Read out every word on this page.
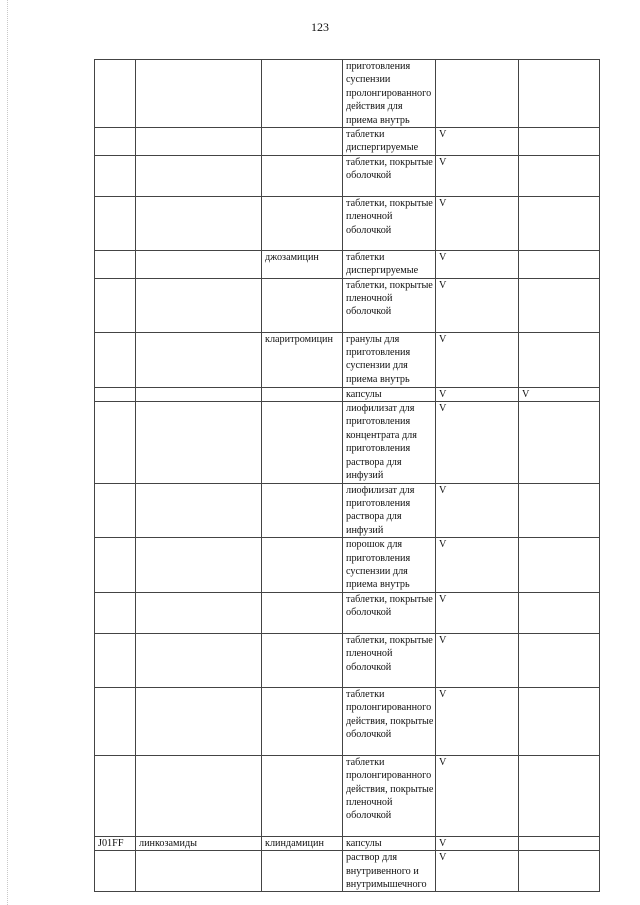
123
			приготовления суспензии пролонгированного действия для приема внутрь		
			таблетки диспергируемые	V	
			таблетки, покрытые оболочкой	V	
			таблетки, покрытые пленочной оболочкой	V	
		джозамицин	таблетки диспергируемые	V	
			таблетки, покрытые пленочной оболочкой	V	
		кларитромицин	гранулы для приготовления суспензии для приема внутрь	V	
			капсулы	V	V
			лиофилизат для приготовления концентрата для приготовления раствора для инфузий	V	
			лиофилизат для приготовления раствора для инфузий	V	
			порошок для приготовления суспензии для приема внутрь	V	
			таблетки, покрытые оболочкой	V	
			таблетки, покрытые пленочной оболочкой	V	
			таблетки пролонгированного действия, покрытые оболочкой	V	
			таблетки пролонгированного действия, покрытые пленочной оболочкой	V	
J01FF	линкозамиды	клиндамицин	капсулы	V	
			раствор для внутривенного и внутримышечного	V	
